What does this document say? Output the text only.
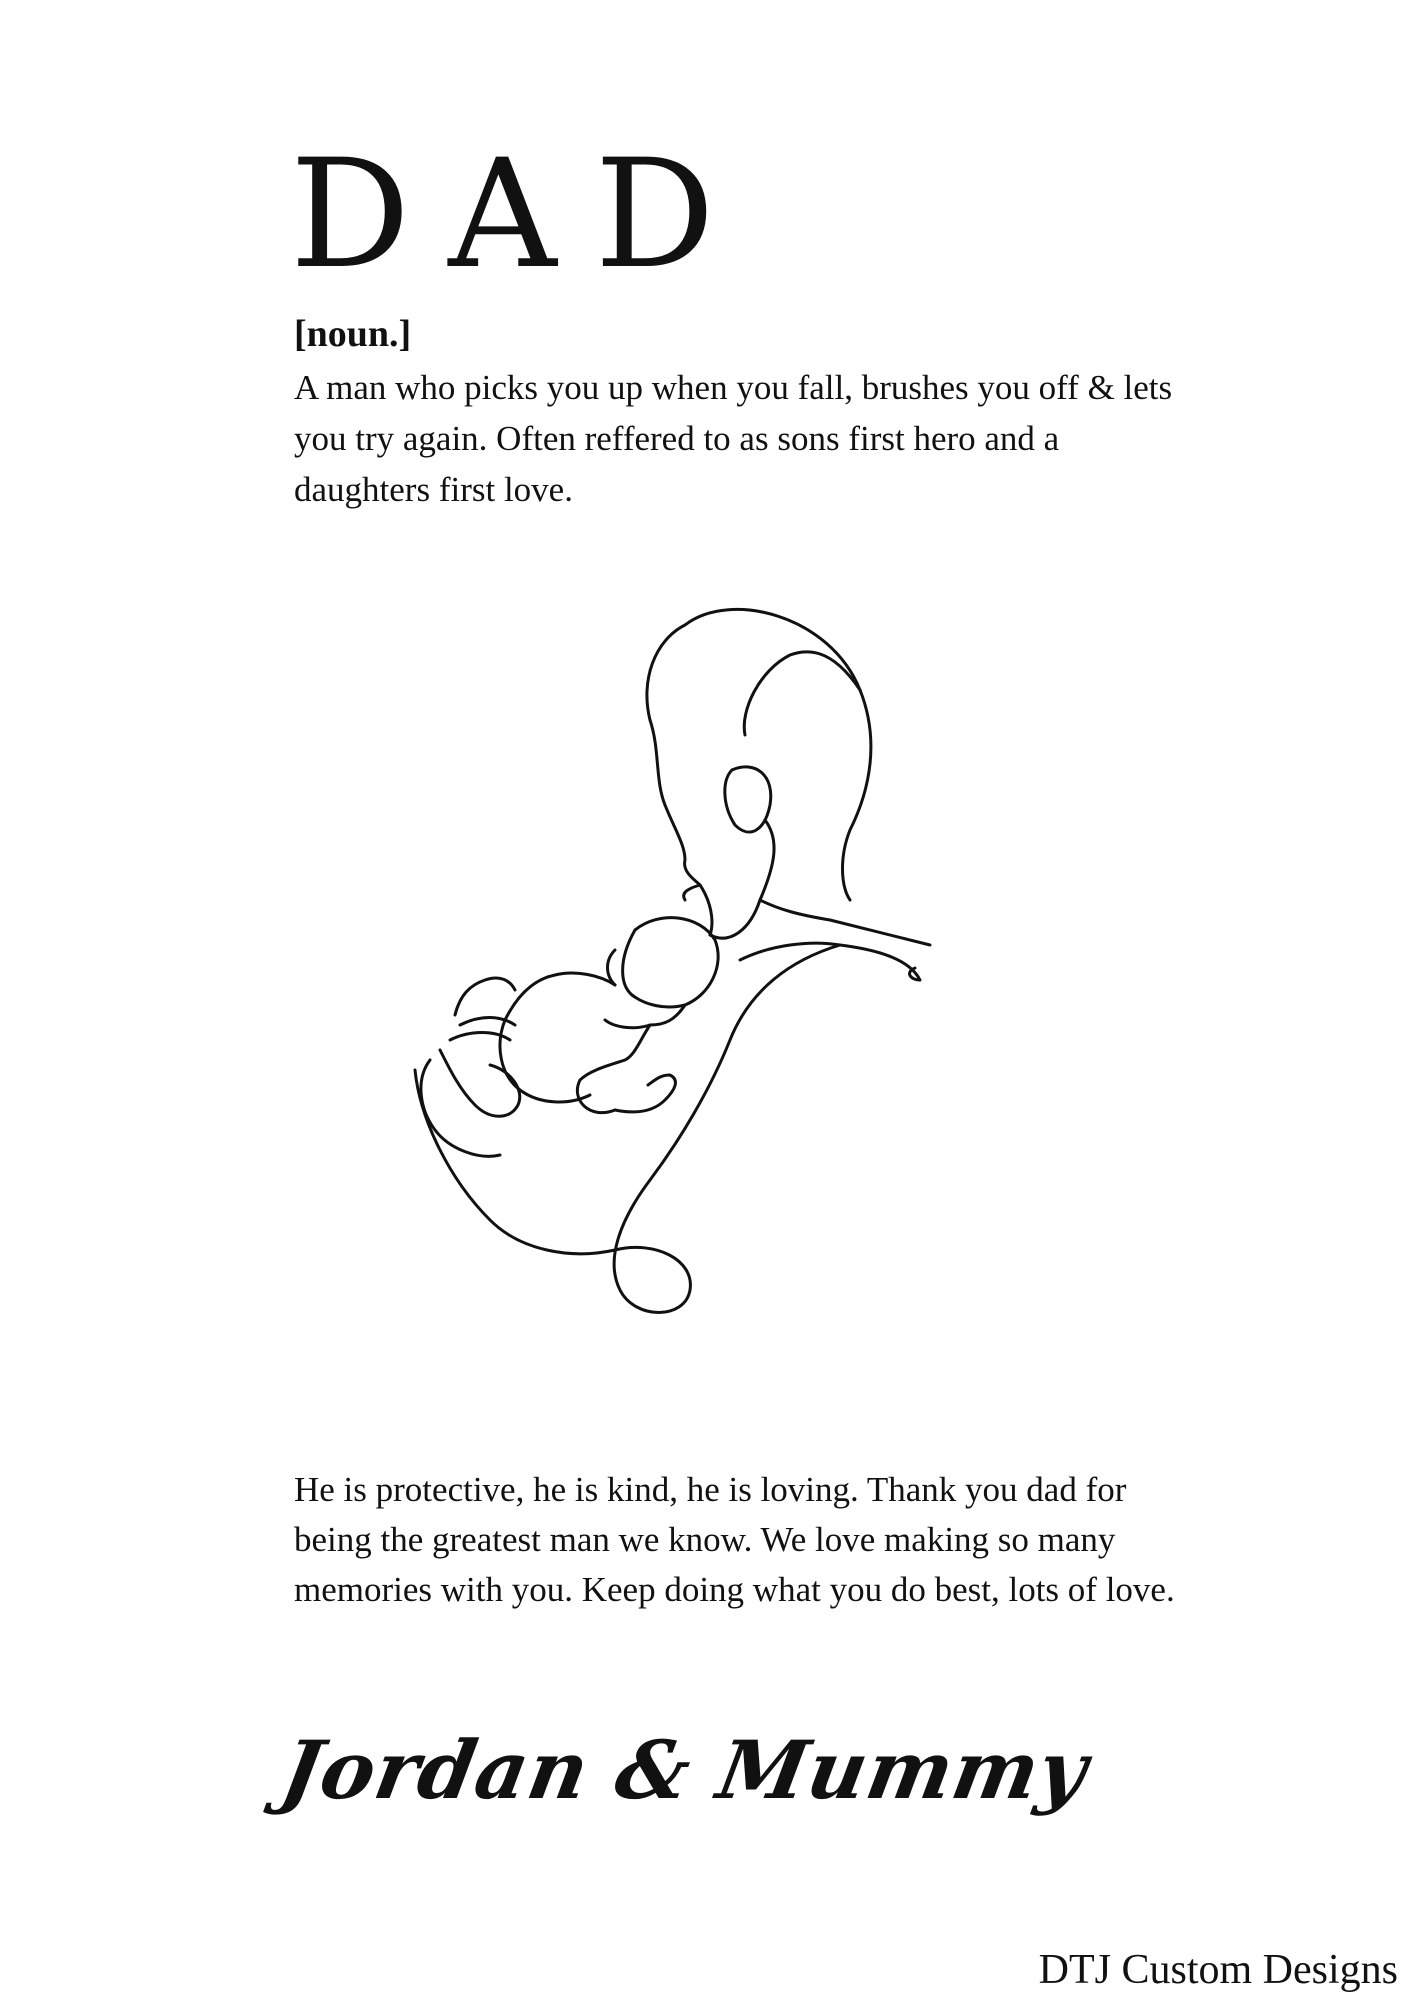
DAD
[noun.]
A man who picks you up when you fall, brushes you off & lets you try again. Often reffered to as sons first hero and a daughters first love.
He is protective, he is kind, he is loving. Thank you dad for being the greatest man we know. We love making so many memories with you. Keep doing what you do best, lots of love.
Jordan & Mummy
DTJ Custom Designs
